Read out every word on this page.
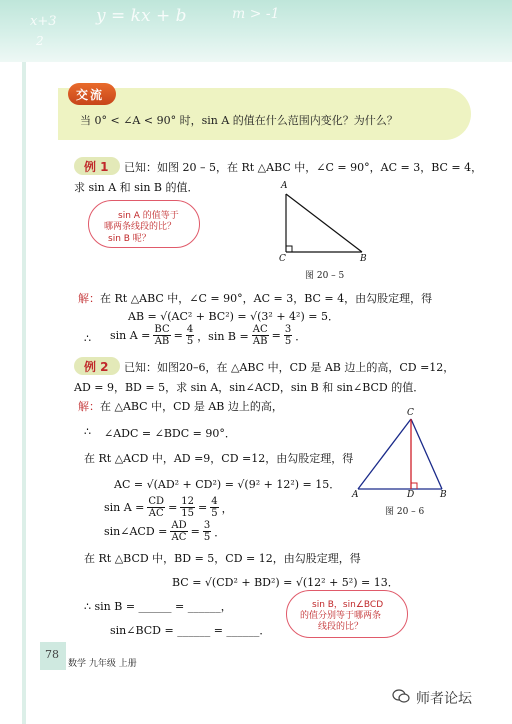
x+3
2
y = kx + b	m > -1
交流
当 0° < ∠A < 90° 时，sin A 的值在什么范围内变化？为什么？
例 1 已知：如图 20 – 5，在 Rt △ABC 中，∠C = 90°，AC = 3，BC = 4，
求 sin A 和 sin B 的值．
sin A 的值等于
哪两条线段的比？
sin B 呢？
A
C	B
图 20 – 5
解： 在 Rt △ABC 中，∠C = 90°，AC = 3，BC = 4，由勾股定理，得
AB = √(AC² + BC²) = √(3² + 4²) = 5．
∴ $\sin A = \frac{BC}{AB} = \frac{4}{5}$ ，$\sin B = \frac{AC}{AB} = \frac{3}{5}$ ．
例 2 已知：如图20–6，在 △ABC 中，CD 是 AB 边上的高，CD =12，
AD = 9，BD = 5，求 sin A，sin∠ACD，sin B 和 sin∠BCD 的值．
解： 在 △ABC 中，CD 是 AB 边上的高，
∴ ∠ADC = ∠BDC = 90°．
在 Rt △ACD 中，AD =9，CD =12，由勾股定理，得
AC = √(AD² + CD²) = √(9² + 12²) = 15．
$\sin A = \frac{CD}{AC} = \frac{12}{15} = \frac{4}{5}$ ，
sin∠ACD = $\frac{AD}{AC} = \frac{3}{5}$ ．
在 Rt △BCD 中，BD = 5，CD = 12，由勾股定理，得
BC = √(CD² + BD²) = √(12² + 5²) = 13．
∴ sin B = ______ = ______，
sin∠BCD = ______ = ______．
C
A	D	B
图 20 – 6
sin B，sin∠BCD
的值分别等于哪两条
线段的比？
78
数学 九年级 上册
师者论坛
